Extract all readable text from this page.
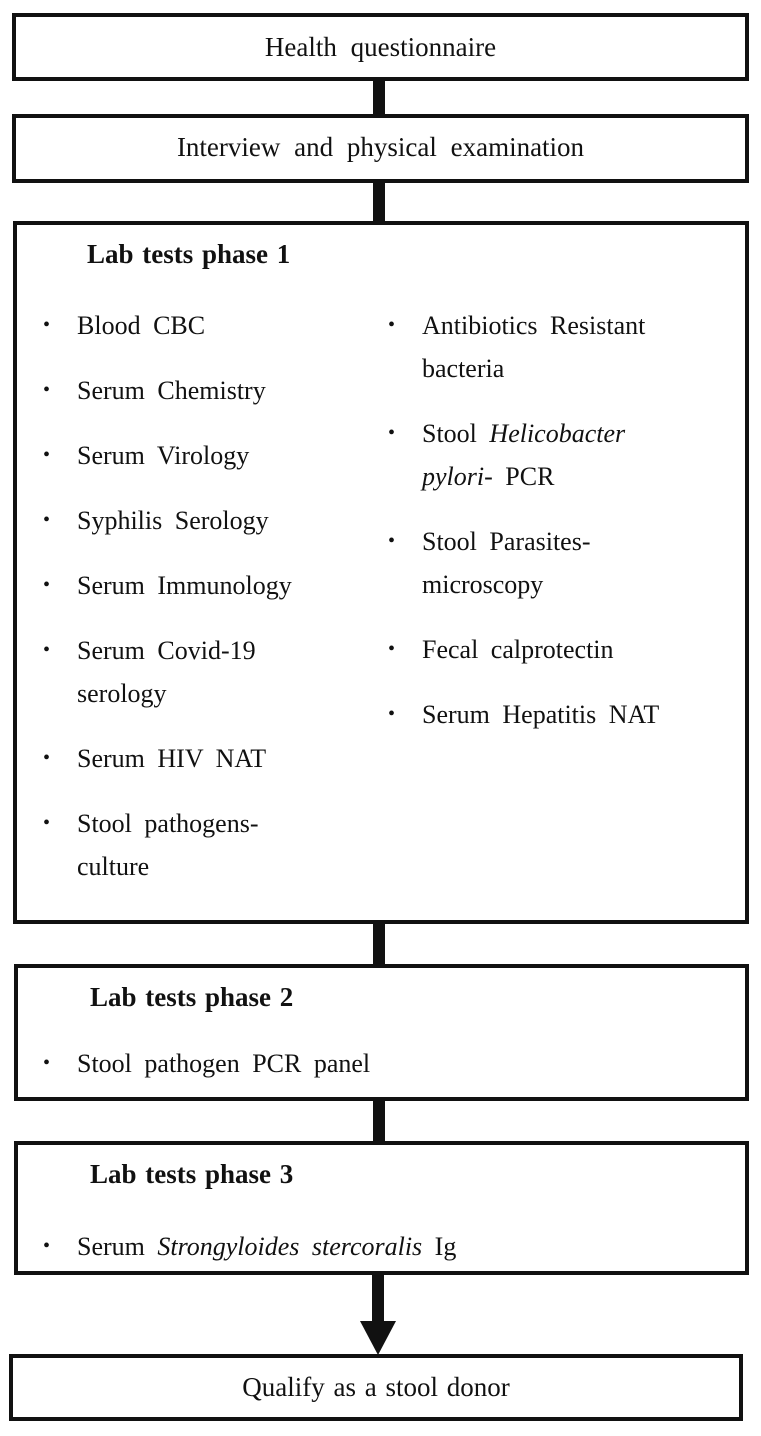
Health questionnaire
Interview and physical examination
Lab tests phase 1
• Blood CBC
• Serum Chemistry
• Serum Virology
• Syphilis Serology
• Serum Immunology
• Serum Covid-19
serology
• Serum HIV NAT
• Stool pathogens-
culture
• Antibiotics Resistant
bacteria
• Stool Helicobacter
pylori- PCR
• Stool Parasites-
microscopy
• Fecal calprotectin
• Serum Hepatitis NAT
Lab tests phase 2
• Stool pathogen PCR panel
Lab tests phase 3
• Serum Strongyloides stercoralis Ig
Qualify as a stool donor
